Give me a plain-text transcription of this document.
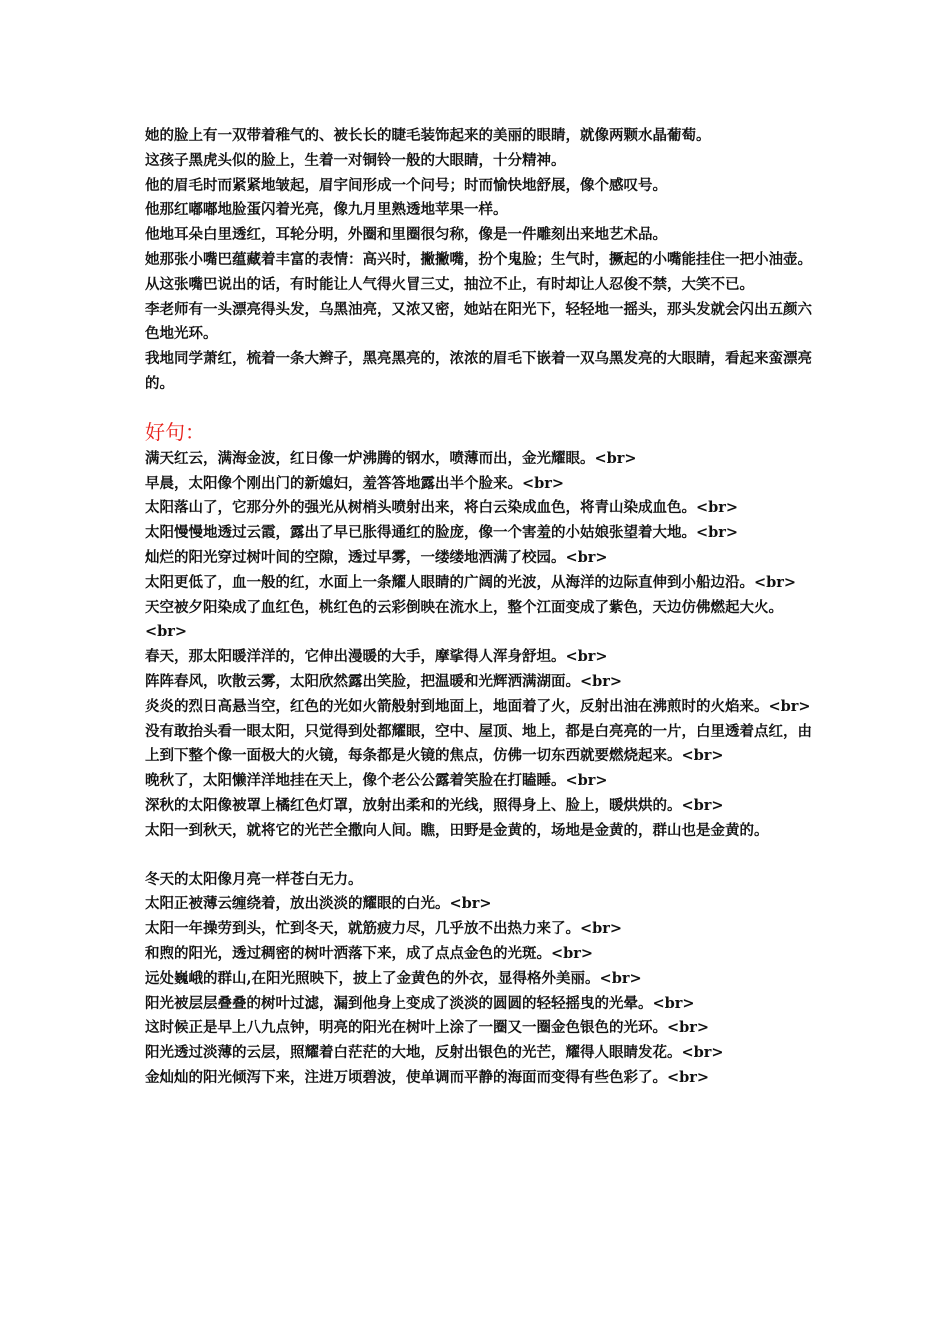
她的脸上有一双带着稚气的、被长长的睫毛装饰起来的美丽的眼睛，就像两颗水晶葡萄。

这孩子黑虎头似的脸上，生着一对铜铃一般的大眼睛，十分精神。

他的眉毛时而紧紧地皱起，眉宇间形成一个问号；时而愉快地舒展，像个感叹号。

他那红嘟嘟地脸蛋闪着光亮，像九月里熟透地苹果一样。

他地耳朵白里透红，耳轮分明，外圈和里圈很匀称，像是一件雕刻出来地艺术品。

她那张小嘴巴蕴藏着丰富的表情：高兴时，撇撇嘴，扮个鬼脸；生气时，撅起的小嘴能挂住一把小油壶。从这张嘴巴说出的话，有时能让人气得火冒三丈，抽泣不止，有时却让人忍俊不禁，大笑不已。

李老师有一头漂亮得头发，乌黑油亮，又浓又密，她站在阳光下，轻轻地一摇头，那头发就会闪出五颜六色地光环。

我地同学萧红，梳着一条大辫子，黑亮黑亮的，浓浓的眉毛下嵌着一双乌黑发亮的大眼睛，看起来蛮漂亮的。

好句：

满天红云，满海金波，红日像一炉沸腾的钢水，喷薄而出，金光耀眼。<br>

早晨，太阳像个刚出门的新媳妇，羞答答地露出半个脸来。<br>

太阳落山了，它那分外的强光从树梢头喷射出来，将白云染成血色，将青山染成血色。<br>

太阳慢慢地透过云霞，露出了早已胀得通红的脸庞，像一个害羞的小姑娘张望着大地。<br>

灿烂的阳光穿过树叶间的空隙，透过早雾，一缕缕地洒满了校园。<br>

太阳更低了，血一般的红，水面上一条耀人眼睛的广阔的光波，从海洋的边际直伸到小船边沿。<br>

天空被夕阳染成了血红色，桃红色的云彩倒映在流水上，整个江面变成了紫色，天边仿佛燃起大火。<br>

春天，那太阳暖洋洋的，它伸出漫暖的大手，摩挲得人浑身舒坦。<br>

阵阵春风，吹散云雾，太阳欣然露出笑脸，把温暖和光辉洒满湖面。<br>

炎炎的烈日高悬当空，红色的光如火箭般射到地面上，地面着了火，反射出油在沸煎时的火焰来。<br>

没有敢抬头看一眼太阳，只觉得到处都耀眼，空中、屋顶、地上，都是白亮亮的一片，白里透着点红，由上到下整个像一面极大的火镜，每条都是火镜的焦点，仿佛一切东西就要燃烧起来。<br>

晚秋了，太阳懒洋洋地挂在天上，像个老公公露着笑脸在打瞌睡。<br>

深秋的太阳像被罩上橘红色灯罩，放射出柔和的光线，照得身上、脸上，暖烘烘的。<br>

太阳一到秋天，就将它的光芒全撒向人间。瞧，田野是金黄的，场地是金黄的，群山也是金黄的。

冬天的太阳像月亮一样苍白无力。

太阳正被薄云缠绕着，放出淡淡的耀眼的白光。<br>

太阳一年操劳到头，忙到冬天，就筋疲力尽，几乎放不出热力来了。<br>

和煦的阳光，透过稠密的树叶洒落下来，成了点点金色的光斑。<br>

远处巍峨的群山,在阳光照映下，披上了金黄色的外衣，显得格外美丽。<br>

阳光被层层叠叠的树叶过滤，漏到他身上变成了淡淡的圆圆的轻轻摇曳的光晕。<br>

这时候正是早上八九点钟，明亮的阳光在树叶上涂了一圈又一圈金色银色的光环。<br>

阳光透过淡薄的云层，照耀着白茫茫的大地，反射出银色的光芒，耀得人眼睛发花。<br>

金灿灿的阳光倾泻下来，注进万顷碧波，使单调而平静的海面而变得有些色彩了。<br>
